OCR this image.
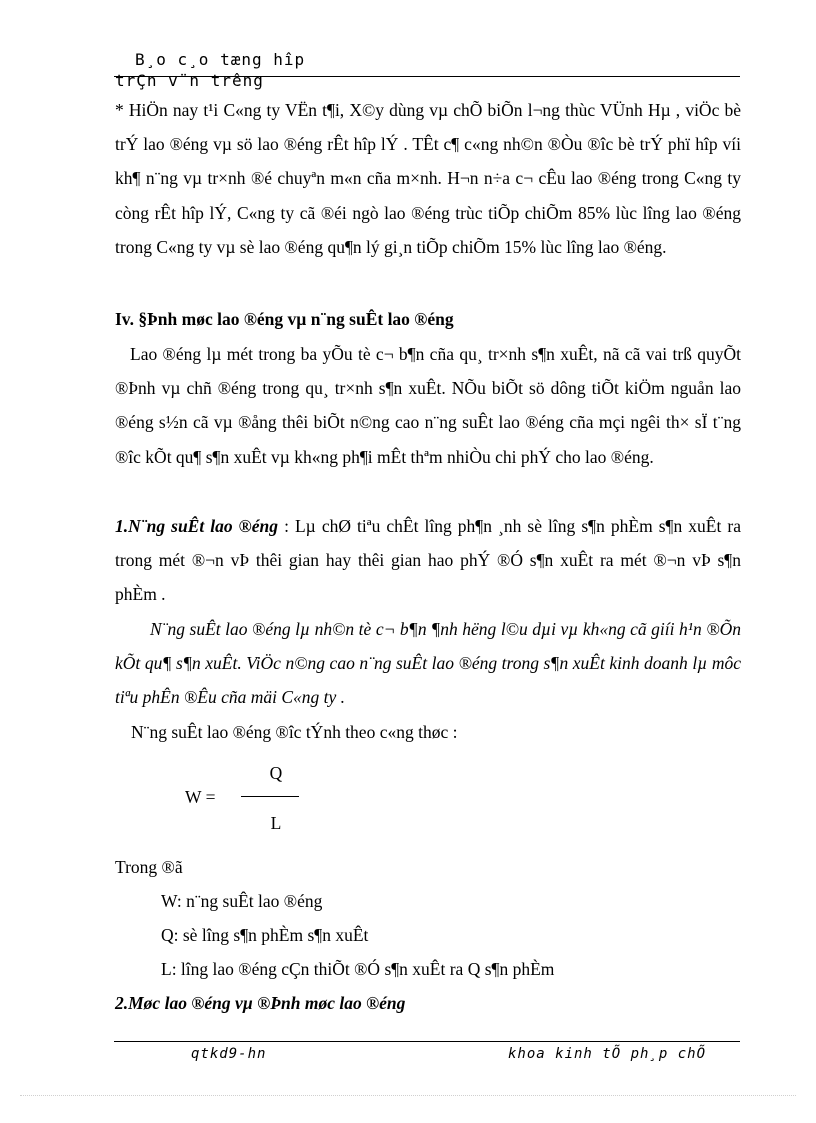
B¸o c¸o tæng hîp
trÇn v¨n trêng
* HiÖn nay t¹i C«ng ty VËn t¶i, X©y dùng vµ chÕ biÕn l¬ng thùc VÜnh Hµ , viÖc bè trÝ lao ®éng vµ sö lao ®éng rÊt hîp lÝ . TÊt c¶ c«ng nh©n ®Òu ®îc bè trÝ phï hîp víi kh¶ n¨ng vµ tr×nh ®é chuyªn m«n cña m×nh. H¬n n÷a c¬ cÊu lao ®éng trong C«ng ty còng rÊt hîp lÝ, C«ng ty cã ®éi ngò lao ®éng trùc tiÕp chiÕm 85% lùc lîng lao ®éng trong C«ng ty vµ sè lao ®éng qu¶n lý gi¸n tiÕp chiÕm 15% lùc lîng lao ®éng.
Iv. §Þnh møc lao ®éng vµ n¨ng suÊt lao ®éng
Lao ®éng lµ mét trong ba yÕu tè c¬ b¶n cña qu¸ tr×nh s¶n xuÊt, nã cã vai trß quyÕt ®Þnh vµ chñ ®éng trong qu¸ tr×nh s¶n xuÊt. NÕu biÕt sö dông tiÕt kiÖm nguån lao ®éng s½n cã vµ ®ång thêi biÕt n©ng cao n¨ng suÊt lao ®éng cña mçi ngêi th× sÏ t¨ng ®îc kÕt qu¶ s¶n xuÊt vµ kh«ng ph¶i mÊt thªm nhiÒu chi phÝ cho lao ®éng.
1.N¨ng suÊt lao ®éng : Lµ chØ tiªu chÊt lîng ph¶n ¸nh sè lîng s¶n phÈm s¶n xuÊt ra trong mét ®¬n vÞ thêi gian hay thêi gian hao phÝ ®Ó s¶n xuÊt ra mét ®¬n vÞ s¶n phÈm .
N¨ng suÊt lao ®éng lµ nh©n tè c¬ b¶n ¶nh hëng l©u dµi vµ kh«ng cã giíi h¹n ®Õn kÕt qu¶ s¶n xuÊt. ViÖc n©ng cao n¨ng suÊt lao ®éng trong s¶n xuÊt kinh doanh lµ môc tiªu phÊn ®Êu cña mäi C«ng ty .
N¨ng suÊt lao ®éng ®îc tÝnh theo c«ng thøc :
W =
Q
L
Trong ®ã
W: n¨ng suÊt lao ®éng
Q: sè lîng s¶n phÈm s¶n xuÊt
L: lîng lao ®éng cÇn thiÕt ®Ó s¶n xuÊt ra Q s¶n phÈm
2.Møc lao ®éng vµ ®Þnh møc lao ®éng
qtkd9-hn	khoa kinh tÕ ph¸p chÕ
